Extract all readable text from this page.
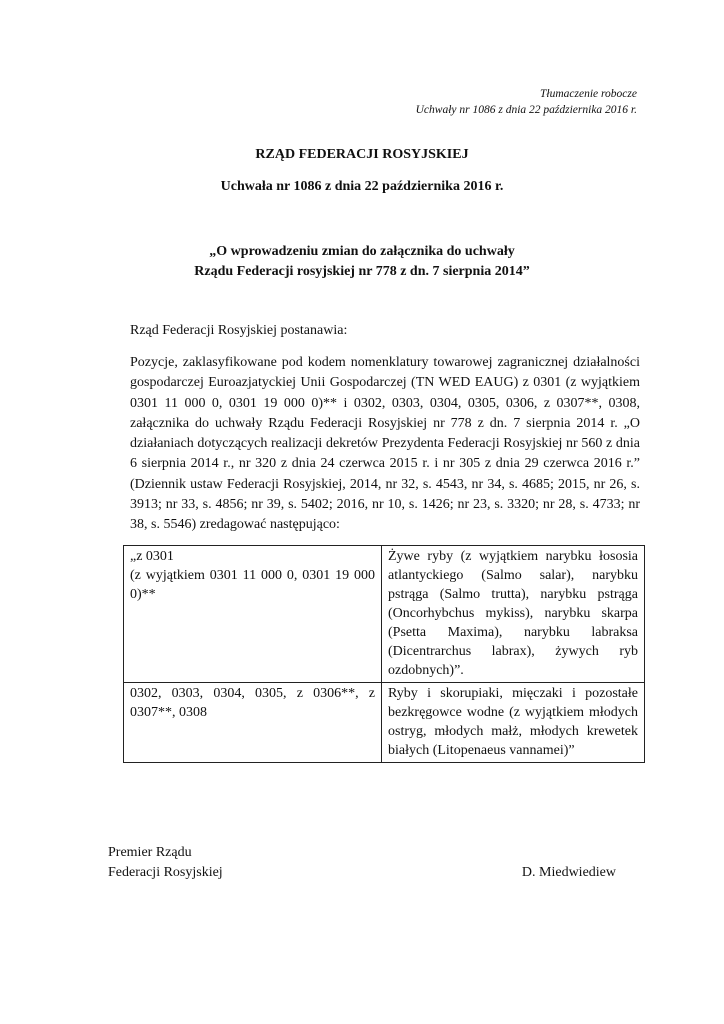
Tłumaczenie robocze
Uchwały nr 1086 z dnia 22 października 2016 r.
RZĄD FEDERACJI ROSYJSKIEJ
Uchwała nr 1086 z dnia 22 października 2016 r.
„O wprowadzeniu zmian do załącznika do uchwały
Rządu Federacji rosyjskiej nr 778 z dn. 7 sierpnia 2014”
Rząd Federacji Rosyjskiej postanawia:
Pozycje, zaklasyfikowane pod kodem nomenklatury towarowej zagranicznej działalności gospodarczej Euroazjatyckiej Unii Gospodarczej (TN WED EAUG) z 0301 (z wyjątkiem 0301 11 000 0, 0301 19 000 0)** i 0302, 0303, 0304, 0305, 0306, z 0307**, 0308, załącznika do uchwały Rządu Federacji Rosyjskiej nr 778 z dn. 7 sierpnia 2014 r. „O działaniach dotyczących realizacji dekretów Prezydenta Federacji Rosyjskiej nr 560 z dnia 6 sierpnia 2014 r., nr 320 z dnia 24 czerwca 2015 r. i nr 305 z dnia 29 czerwca 2016 r.” (Dziennik ustaw Federacji Rosyjskiej, 2014, nr 32, s. 4543, nr 34, s. 4685; 2015, nr 26, s. 3913; nr 33, s. 4856; nr 39, s. 5402; 2016, nr 10, s. 1426; nr 23, s. 3320; nr 28, s. 4733; nr 38, s. 5546) zredagować następująco:
„z 0301
(z wyjątkiem 0301 11 000 0, 0301 19 000 0)**	Żywe ryby (z wyjątkiem narybku łososia atlantyckiego (Salmo salar), narybku pstrąga (Salmo trutta), narybku pstrąga (Oncorhybchus mykiss), narybku skarpa (Psetta Maxima), narybku labraksa (Dicentrarchus labrax), żywych ryb ozdobnych)”.
0302, 0303, 0304, 0305, z 0306**, z 0307**, 0308	Ryby i skorupiaki, mięczaki i pozostałe bezkręgowce wodne (z wyjątkiem młodych ostryg, młodych małż, młodych krewetek białych (Litopenaeus vannamei)”
Premier Rządu
Federacji Rosyjskiej	D. Miedwiediew
